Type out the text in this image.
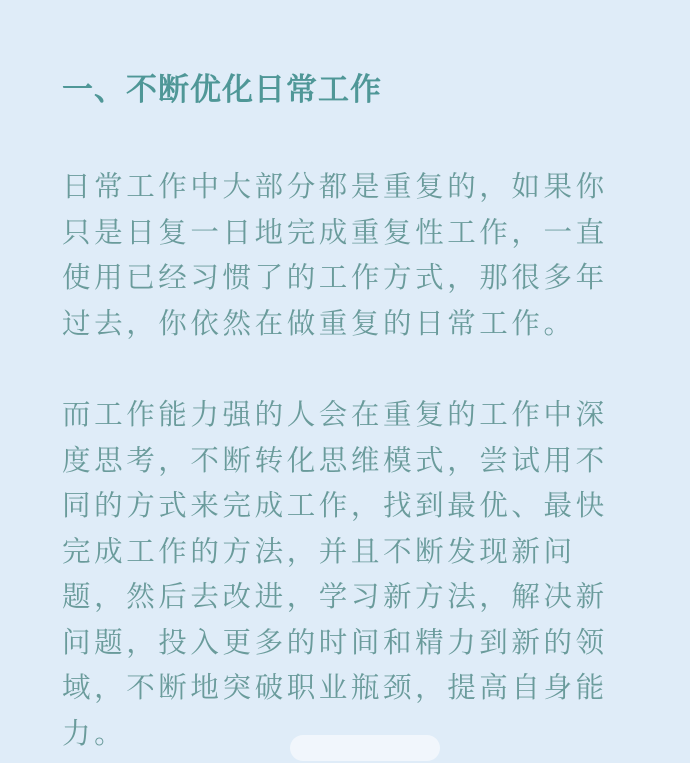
一、不断优化日常工作

日常工作中大部分都是重复的，如果你
只是日复一日地完成重复性工作，一直
使用已经习惯了的工作方式，那很多年
过去，你依然在做重复的日常工作。

而工作能力强的人会在重复的工作中深
度思考，不断转化思维模式，尝试用不
同的方式来完成工作，找到最优、最快
完成工作的方法，并且不断发现新问
题，然后去改进，学习新方法，解决新
问题，投入更多的时间和精力到新的领
域，不断地突破职业瓶颈，提高自身能
力。
